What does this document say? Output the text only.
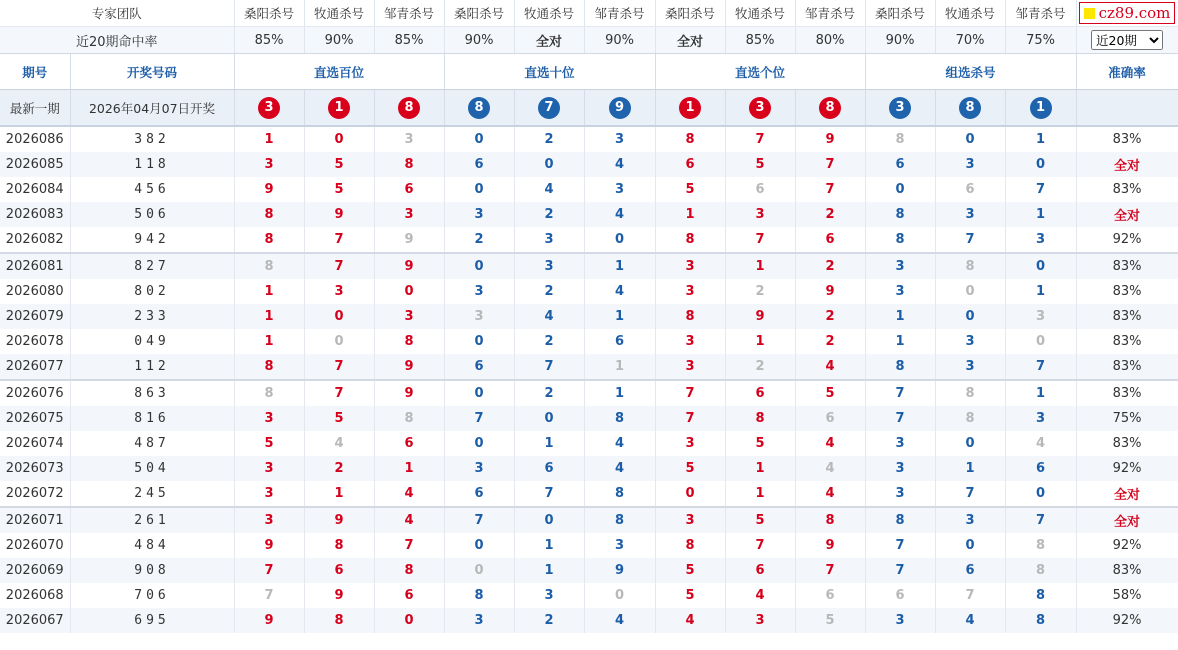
专家团队		桑阳杀号	牧通杀号	邹青杀号	桑阳杀号	牧通杀号	邹青杀号	桑阳杀号	牧通杀号	邹青杀号	桑阳杀号	牧通杀号	邹青杀号	cz89.com

近20期命中率		85%	90%	85%	90%	全对	90%	全对	85%	80%	90%	70%	75%	
近20期
期号	开奖号码	直选百位			直选十位			直选个位			组选杀号			准确率
最新一期	2026年04月07日开奖	3	1	8	8	7	9	1	3	8	3	8	1	
2026086	382	1	0	3	0	2	3	8	7	9	8	0	1	83%
2026085	118	3	5	8	6	0	4	6	5	7	6	3	0	全对
2026084	456	9	5	6	0	4	3	5	6	7	0	6	7	83%
2026083	506	8	9	3	3	2	4	1	3	2	8	3	1	全对
2026082	942	8	7	9	2	3	0	8	7	6	8	7	3	92%
2026081	827	8	7	9	0	3	1	3	1	2	3	8	0	83%
2026080	802	1	3	0	3	2	4	3	2	9	3	0	1	83%
2026079	233	1	0	3	3	4	1	8	9	2	1	0	3	83%
2026078	049	1	0	8	0	2	6	3	1	2	1	3	0	83%
2026077	112	8	7	9	6	7	1	3	2	4	8	3	7	83%
2026076	863	8	7	9	0	2	1	7	6	5	7	8	1	83%
2026075	816	3	5	8	7	0	8	7	8	6	7	8	3	75%
2026074	487	5	4	6	0	1	4	3	5	4	3	0	4	83%
2026073	504	3	2	1	3	6	4	5	1	4	3	1	6	92%
2026072	245	3	1	4	6	7	8	0	1	4	3	7	0	全对
2026071	261	3	9	4	7	0	8	3	5	8	8	3	7	全对
2026070	484	9	8	7	0	1	3	8	7	9	7	0	8	92%
2026069	908	7	6	8	0	1	9	5	6	7	7	6	8	83%
2026068	706	7	9	6	8	3	0	5	4	6	6	7	8	58%
2026067	695	9	8	0	3	2	4	4	3	5	3	4	8	92%
